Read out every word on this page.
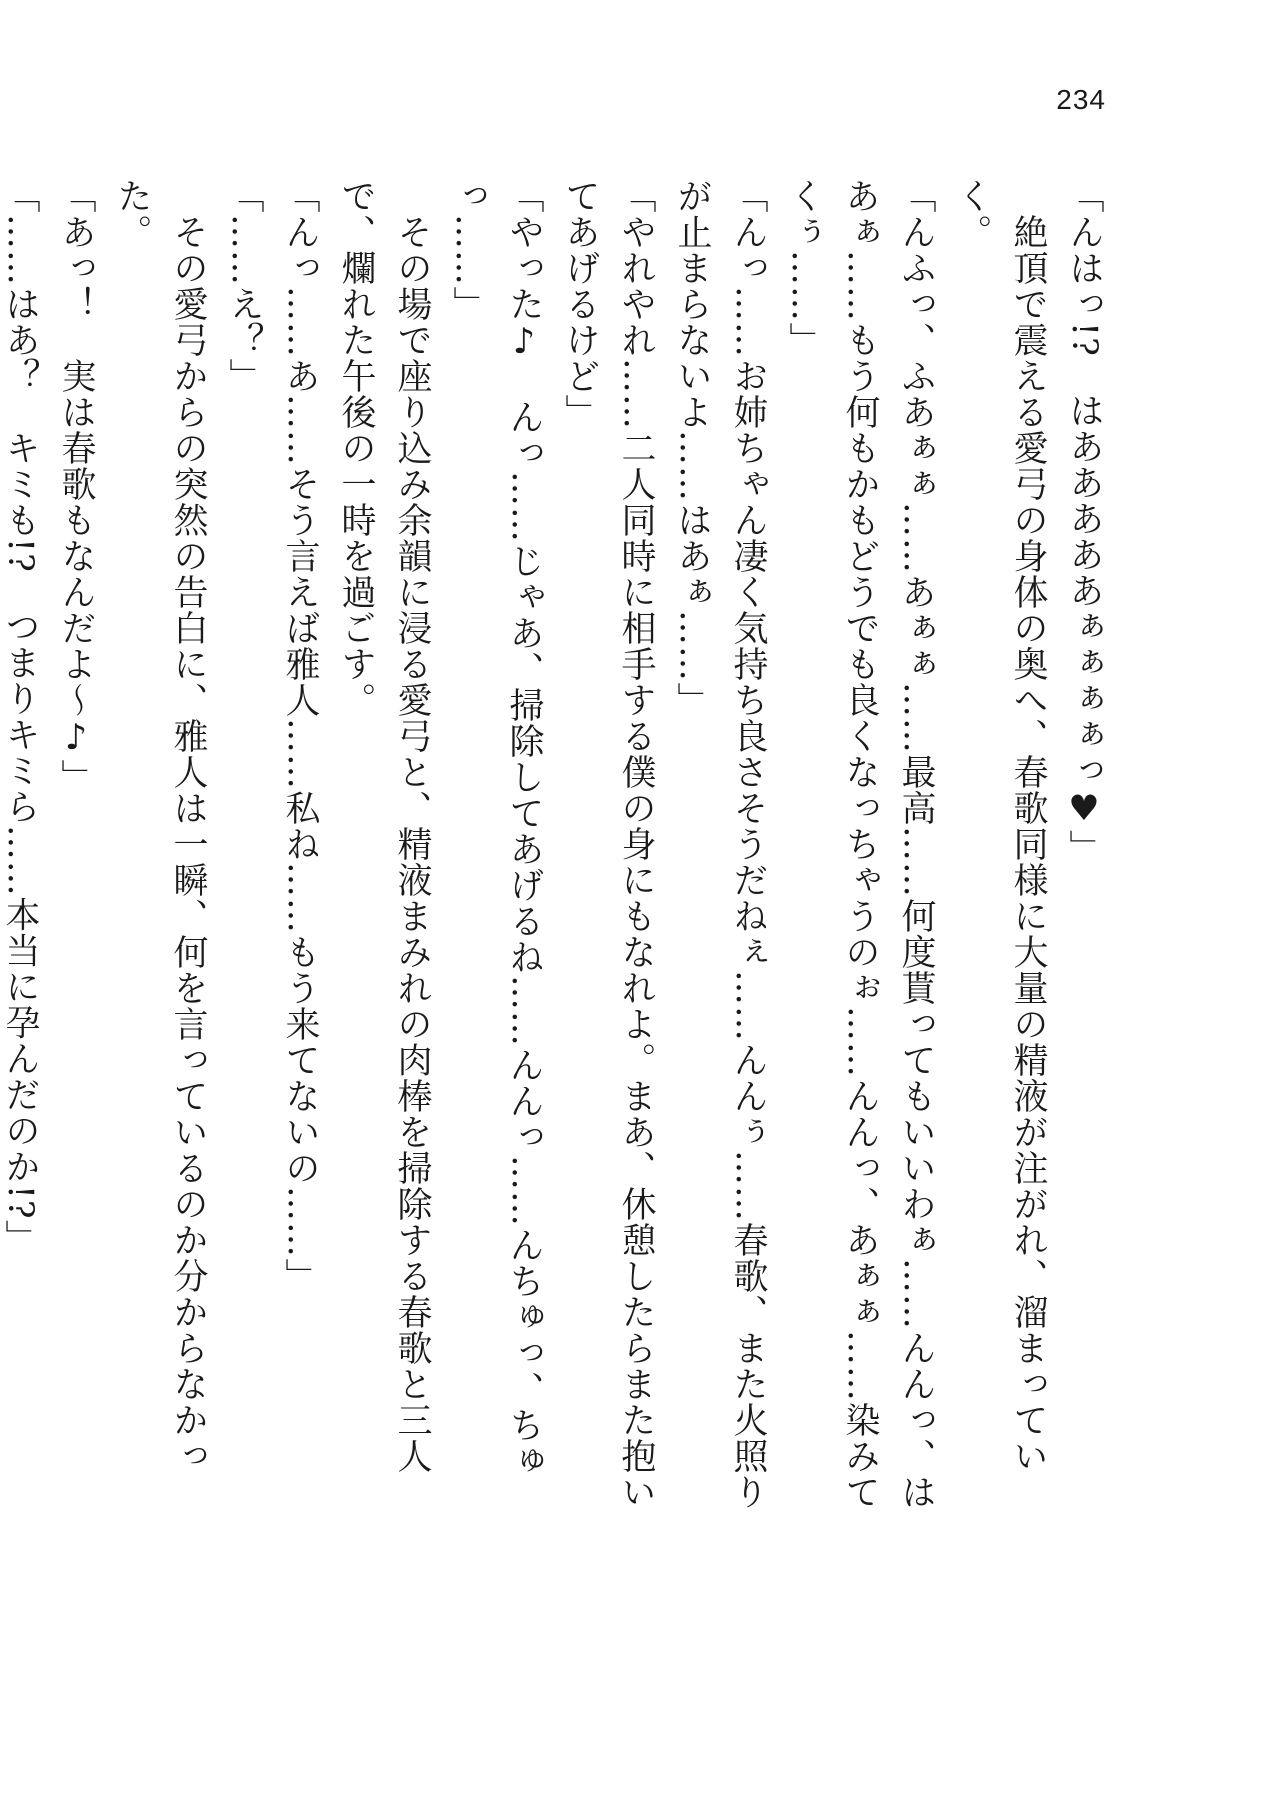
234

「んはっ!?　はあああああぁぁぁぁっ♥」

　絶頂で震える愛弓の身体の奥へ、春歌同様に大量の精液が注がれ、溜まっていく。

「んふっ、ふあぁぁ……あぁぁ……最高……何度貰ってもいいわぁ……んんっ、はあぁ……もう何もかもどうでも良くなっちゃうのぉ……んんっ、あぁぁ……染みてくぅ……」

「んっ……お姉ちゃん凄く気持ち良さそうだねぇ……んんぅ……春歌、また火照りが止まらないよ……はあぁ……」

「やれやれ……二人同時に相手する僕の身にもなれよ。まあ、休憩したらまた抱いてあげるけど」

「やった♪　んっ……じゃあ、掃除してあげるね……んんっ……んちゅっ、ちゅっ……」

　その場で座り込み余韻に浸る愛弓と、精液まみれの肉棒を掃除する春歌と三人で、爛れた午後の一時を過ごす。

「んっ……あ……そう言えば雅人……私ね……もう来てないの……」

「……え？」

　その愛弓からの突然の告白に、雅人は一瞬、何を言っているのか分からなかった。

「あっ！　実は春歌もなんだよ～♪」

「……はあ？　キミも!?　つまりキミら……本当に孕んだのか!?」
